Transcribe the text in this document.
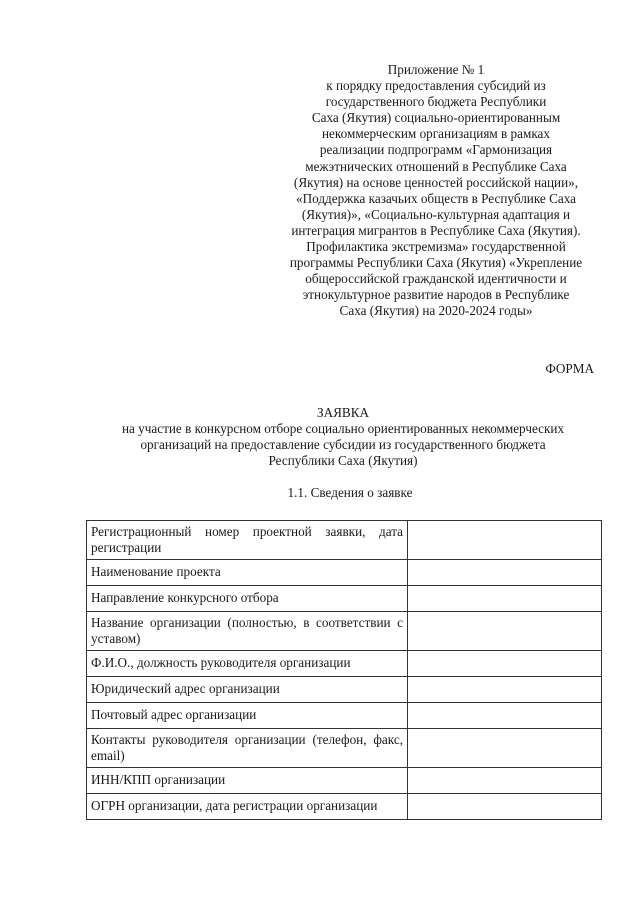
Приложение № 1
к порядку предоставления субсидий из
государственного бюджета Республики
Саха (Якутия) социально-ориентированным
некоммерческим организациям в рамках
реализации подпрограмм «Гармонизация
межэтнических отношений в Республике Саха
(Якутия) на основе ценностей российской нации»,
«Поддержка казачьих обществ в Республике Саха
(Якутия)», «Социально-культурная адаптация и
интеграция мигрантов в Республике Саха (Якутия).
Профилактика экстремизма» государственной
программы Республики Саха (Якутия) «Укрепление
общероссийской гражданской идентичности и
этнокультурное развитие народов в Республике
Саха (Якутия) на 2020-2024 годы»
ФОРМА
ЗАЯВКА
на участие в конкурсном отборе социально ориентированных некоммерческих
организаций на предоставление субсидии из государственного бюджета
Республики Саха (Якутия)
1.1. Сведения о заявке
Регистрационный номер проектной заявки, дата регистрации	
Наименование проекта	
Направление конкурсного отбора	
Название организации (полностью, в соответствии с уставом)	
Ф.И.О., должность руководителя организации	
Юридический адрес организации	
Почтовый адрес организации	
Контакты руководителя организации (телефон, факс, email)	
ИНН/КПП организации	
ОГРН организации, дата регистрации организации	
